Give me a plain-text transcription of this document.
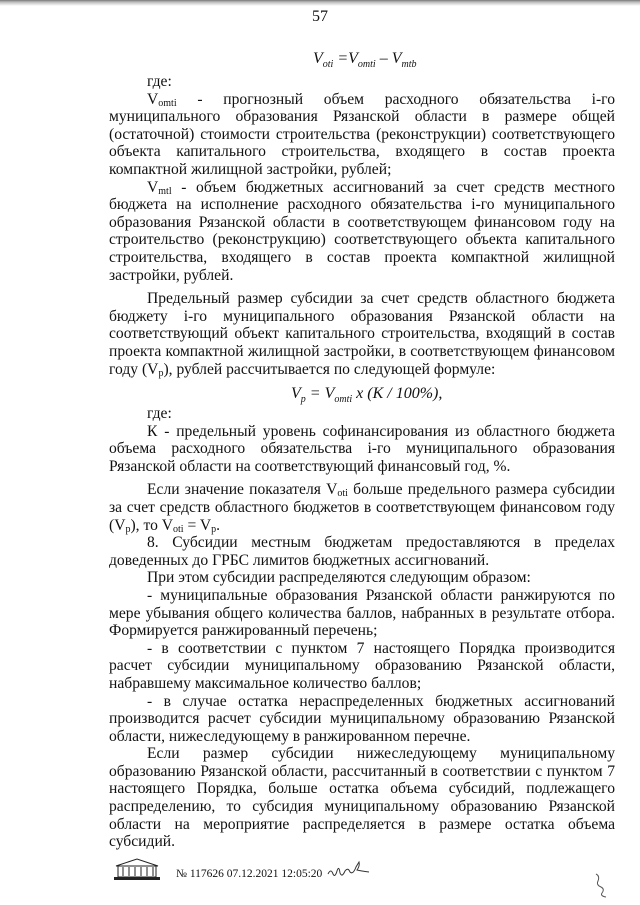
57
$V_{oti} =V_{omti} - V_{mtb}$

где:

$V_{omti}$ - прогнозный объем расходного обязательства i-го муниципального образования Рязанской области в размере общей (остаточной) стоимости строительства (реконструкции) соответствующего объекта капитального строительства, входящего в состав проекта компактной жилищной застройки, рублей;

$V_{mtl}$ - объем бюджетных ассигнований за счет средств местного бюджета на исполнение расходного обязательства i-го муниципального образования Рязанской области в соответствующем финансовом году на строительство (реконструкцию) соответствующего объекта капитального строительства, входящего в состав проекта компактной жилищной застройки, рублей.

Предельный размер субсидии за счет средств областного бюджета бюджету i-го муниципального образования Рязанской области на соответствующий объект капитального строительства, входящий в состав проекта компактной жилищной застройки, в соответствующем финансовом году $(V_p)$, рублей рассчитывается по следующей формуле:

$V_p = V_{omti}$ x (K / 100%),

где:

К - предельный уровень софинансирования из областного бюджета объема расходного обязательства i-го муниципального образования Рязанской области на соответствующий финансовый год, %.

Если значение показателя $V_{oti}$ больше предельного размера субсидии за счет средств областного бюджетов в соответствующем финансовом году $(V_p)$, то $V_{oti} = V_p$.

8. Субсидии местным бюджетам предоставляются в пределах доведенных до ГРБС лимитов бюджетных ассигнований.

При этом субсидии распределяются следующим образом:

- муниципальные образования Рязанской области ранжируются по мере убывания общего количества баллов, набранных в результате отбора. Формируется ранжированный перечень;

- в соответствии с пунктом 7 настоящего Порядка производится расчет субсидии муниципальному образованию Рязанской области, набравшему максимальное количество баллов;

- в случае остатка нераспределенных бюджетных ассигнований производится расчет субсидии муниципальному образованию Рязанской области, нижеследующему в ранжированном перечне.

Если размер субсидии нижеследующему муниципальному образованию Рязанской области, рассчитанный в соответствии с пунктом 7 настоящего Порядка, больше остатка объема субсидий, подлежащего распределению, то субсидия муниципальному образованию Рязанской области на мероприятие распределяется в размере остатка объема субсидий.

№ 117626 07.12.2021 12:05:20
